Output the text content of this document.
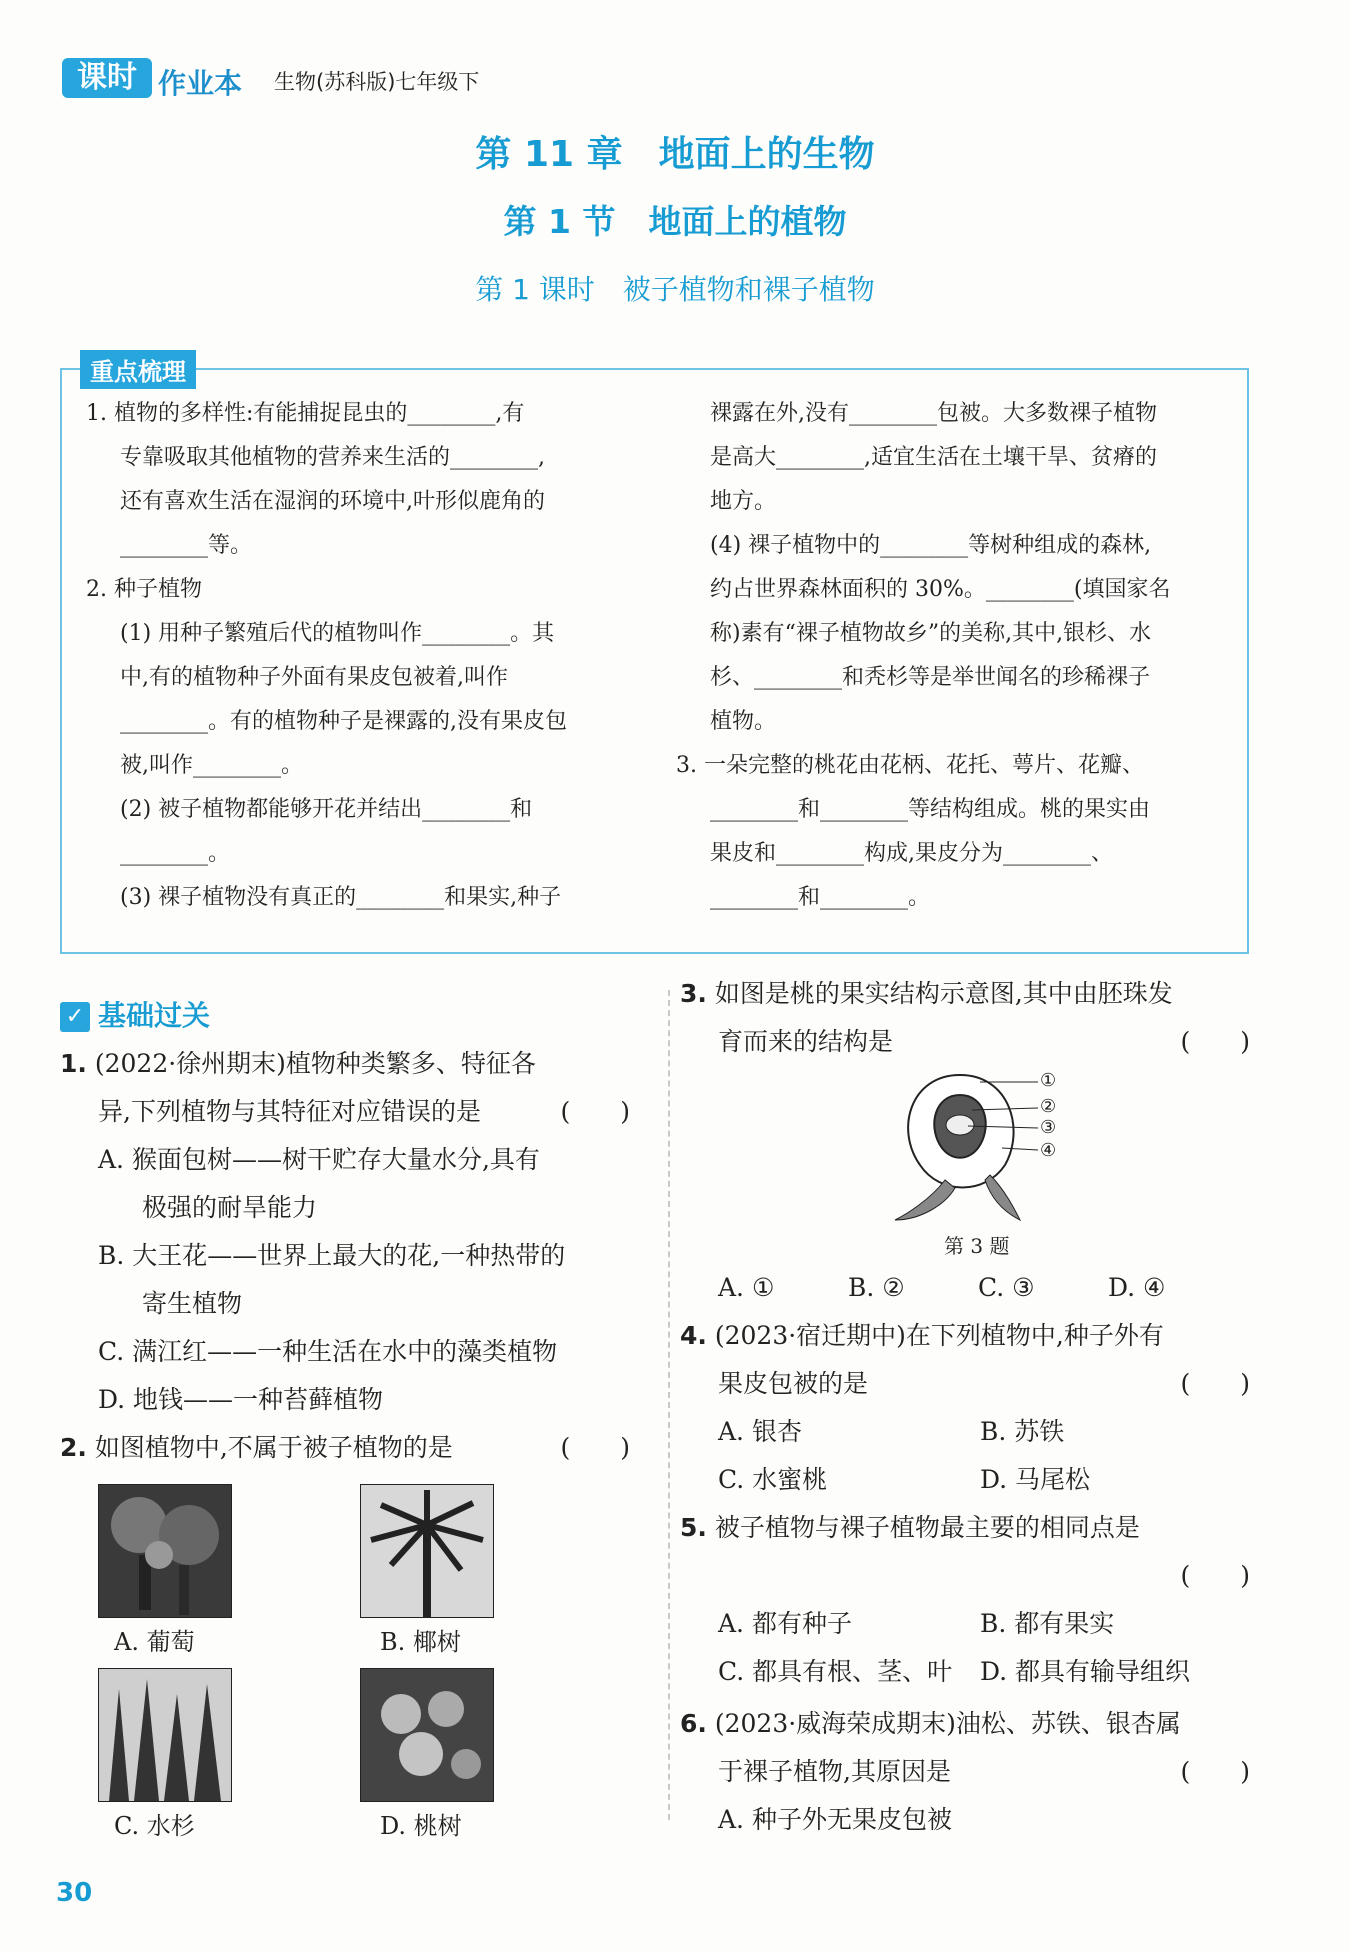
课时 作业本 生物(苏科版)七年级下
第 11 章　地面上的生物
第 1 节　地面上的植物
第 1 课时　被子植物和裸子植物
重点梳理

1. 植物的多样性:有能捕捉昆虫的________,有

专靠吸取其他植物的营养来生活的________,

还有喜欢生活在湿润的环境中,叶形似鹿角的

________等。

2. 种子植物

(1) 用种子繁殖后代的植物叫作________。其

中,有的植物种子外面有果皮包被着,叫作

________。有的植物种子是裸露的,没有果皮包

被,叫作________。

(2) 被子植物都能够开花并结出________和

________。

(3) 裸子植物没有真正的________和果实,种子

裸露在外,没有________包被。大多数裸子植物

是高大________,适宜生活在土壤干旱、贫瘠的

地方。

(4) 裸子植物中的________等树种组成的森林,

约占世界森林面积的 30%。________(填国家名

称)素有“裸子植物故乡”的美称,其中,银杉、水

杉、________和秃杉等是举世闻名的珍稀裸子

植物。

3. 一朵完整的桃花由花柄、花托、萼片、花瓣、

________和________等结构组成。桃的果实由

果皮和________构成,果皮分为________、

________和________。

✓ 基础过关

1. (2022·徐州期末)植物种类繁多、特征各

异,下列植物与其特征对应错误的是	(　　)

A. 猴面包树——树干贮存大量水分,具有

极强的耐旱能力

B. 大王花——世界上最大的花,一种热带的

寄生植物

C. 满江红——一种生活在水中的藻类植物

D. 地钱——一种苔藓植物

2. 如图植物中,不属于被子植物的是	(　　)

A. 葡萄	B. 椰树
C. 水杉	D. 桃树

3. 如图是桃的果实结构示意图,其中由胚珠发

育而来的结构是	(　　)

①
②
③
④
第 3 题
A. ①	B. ②	C. ③	D. ④

4. (2023·宿迁期中)在下列植物中,种子外有

果皮包被的是	(　　)

A. 银杏	B. 苏铁

C. 水蜜桃	D. 马尾松

5. 被子植物与裸子植物最主要的相同点是

(　　)

A. 都有种子	B. 都有果实

C. 都具有根、茎、叶 D. 都具有输导组织

6. (2023·威海荣成期末)油松、苏铁、银杏属

于裸子植物,其原因是	(　　)

A. 种子外无果皮包被

30
